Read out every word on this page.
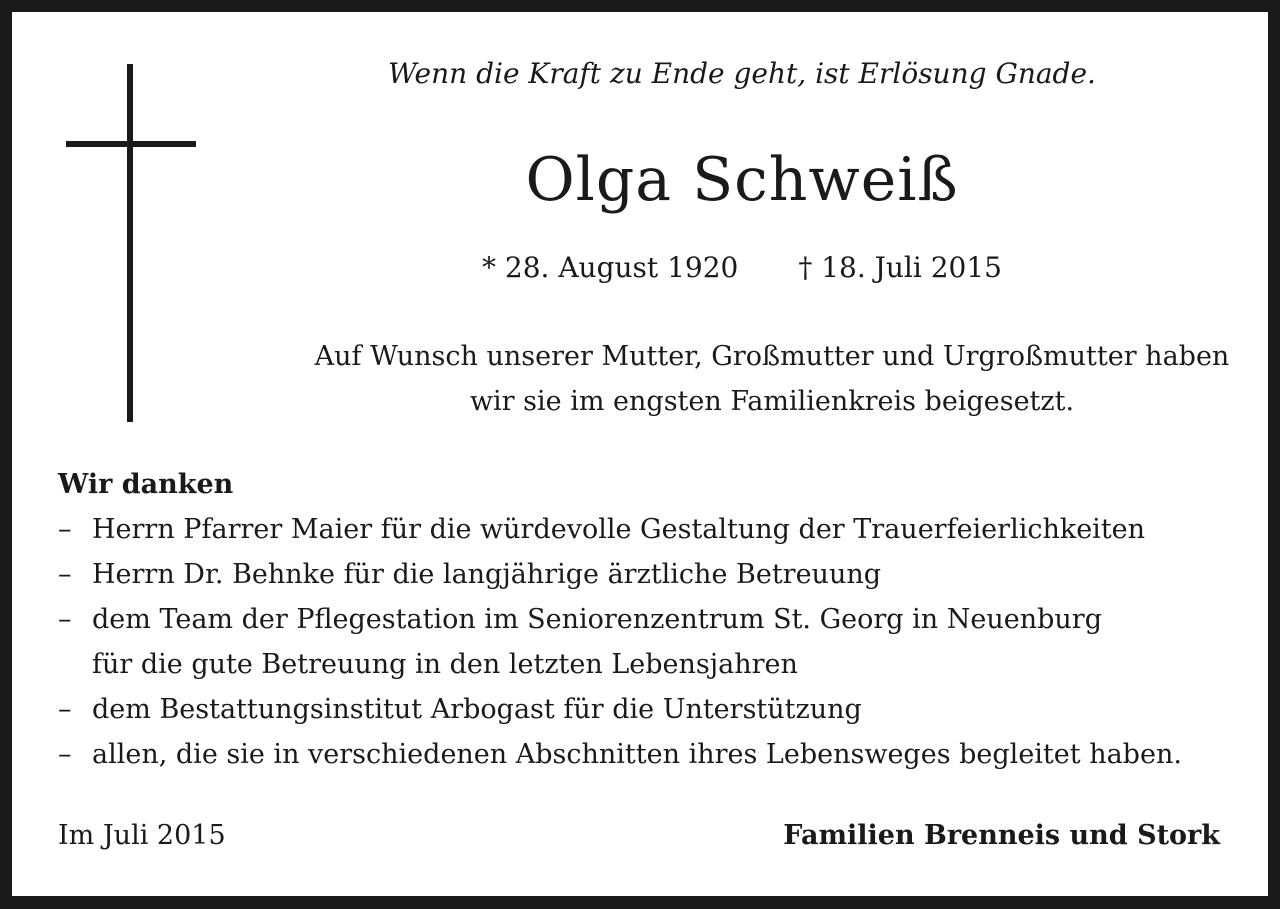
Wenn die Kraft zu Ende geht, ist Erlösung Gnade.
Olga Schweiß
* 28. August 1920 † 18. Juli 2015
Auf Wunsch unserer Mutter, Großmutter und Urgroßmutter haben
wir sie im engsten Familienkreis beigesetzt.
Wir danken
– Herrn Pfarrer Maier für die würdevolle Gestaltung der Trauerfeierlichkeiten
– Herrn Dr. Behnke für die langjährige ärztliche Betreuung
– dem Team der Pflegestation im Seniorenzentrum St. Georg in Neuenburg
für die gute Betreuung in den letzten Lebensjahren
– dem Bestattungsinstitut Arbogast für die Unterstützung
– allen, die sie in verschiedenen Abschnitten ihres Lebensweges begleitet haben.
Im Juli 2015	Familien Brenneis und Stork
